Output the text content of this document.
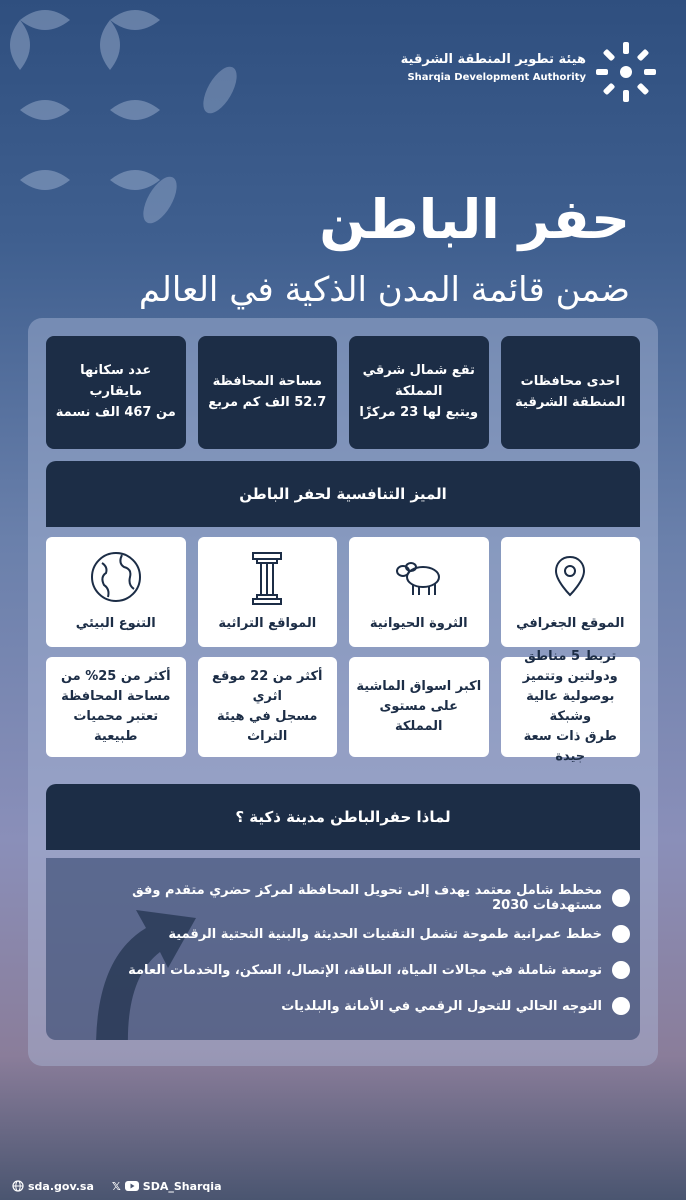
هيئة تطوير المنطقة الشرقية
Sharqia Development Authority
حفر الباطن
ضمن قائمة المدن الذكية في العالم
احدى محافظات
المنطقة الشرقية
تقع شمال شرقي المملكة
ويتبع لها 23 مركزًا
مساحة المحافظة
52.7 الف كم مربع
عدد سكانها مايقارب
من 467 الف نسمة
الميز التنافسية لحفر الباطن
الموقع الجغرافي
الثروة الحيوانية
المواقع التراثية
التنوع البيئي
تربط 5 مناطق
ودولتين وتتميز
بوصولية عالية وشبكة
طرق ذات سعة جيدة
اكبر اسواق الماشية
على مستوى المملكة
أكثر من 22 موقع اثري
مسجل في هيئة التراث
أكثر من 25% من
مساحة المحافظة
تعتبر محميات طبيعية
لماذا حفرالباطن مدينة ذكية ؟
مخطط شامل معتمد يهدف إلى تحويل المحافظة لمركز حضري متقدم وفق مستهدفات 2030
خطط عمرانية طموحة تشمل التقنيات الحديثة والبنية التحتية الرقمية
توسعة شاملة في مجالات المياة، الطاقة، الإتصال، السكن، والخدمات العامة
التوجه الحالي للتحول الرقمي في الأمانة والبلديات
sda.gov.sa 𝕏 SDA_Sharqia
